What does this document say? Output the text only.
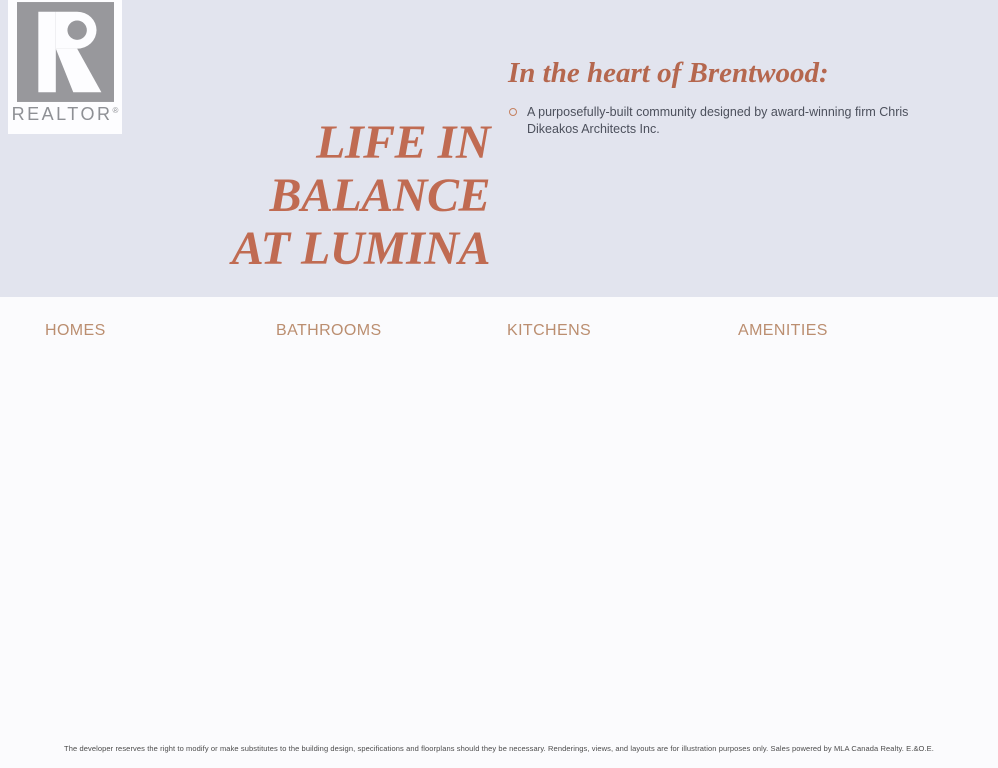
REALTOR®
LIFE IN
BALANCE
AT LUMINA
In the heart of Brentwood:
A purposefully-built community designed by award-winning firm Chris Dikeakos Architects Inc.
HOMES	BATHROOMS	KITCHENS	AMENITIES
The developer reserves the right to modify or make substitutes to the building design, specifications and floorplans should they be necessary. Renderings, views, and layouts are for illustration purposes only. Sales powered by MLA Canada Realty. E.&O.E.
